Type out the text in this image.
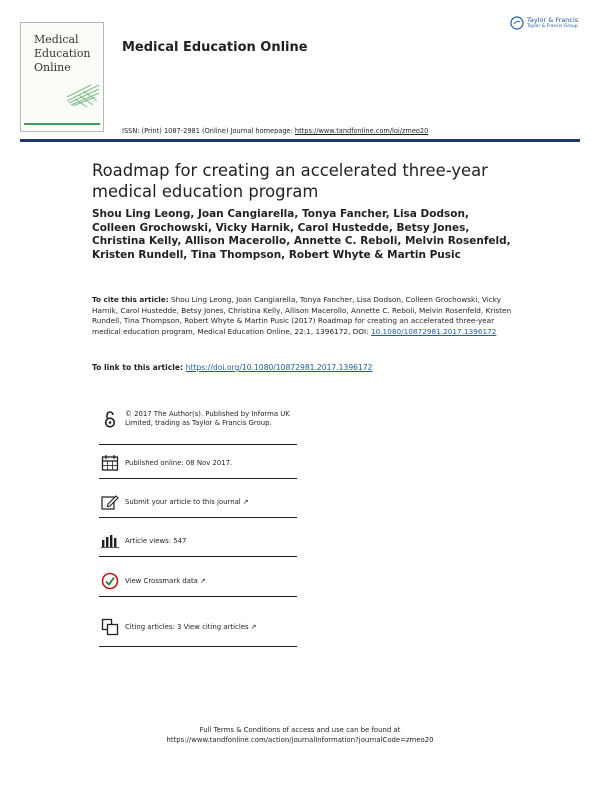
Medical
Education
Online
Medical Education Online
Taylor & Francis
Taylor & Francis Group
ISSN: (Print) 1087-2981 (Online) Journal homepage: https://www.tandfonline.com/loi/zmeo20
Roadmap for creating an accelerated three-year medical education program
Shou Ling Leong, Joan Cangiarella, Tonya Fancher, Lisa Dodson, Colleen Grochowski, Vicky Harnik, Carol Hustedde, Betsy Jones, Christina Kelly, Allison Macerollo, Annette C. Reboli, Melvin Rosenfeld, Kristen Rundell, Tina Thompson, Robert Whyte & Martin Pusic
To cite this article: Shou Ling Leong, Joan Cangiarella, Tonya Fancher, Lisa Dodson, Colleen Grochowski, Vicky Harnik, Carol Hustedde, Betsy Jones, Christina Kelly, Allison Macerollo, Annette C. Reboli, Melvin Rosenfeld, Kristen Rundell, Tina Thompson, Robert Whyte & Martin Pusic (2017) Roadmap for creating an accelerated three-year medical education program, Medical Education Online, 22:1, 1396172, DOI: 10.1080/10872981.2017.1396172
To link to this article: https://doi.org/10.1080/10872981.2017.1396172
© 2017 The Author(s). Published by Informa UK Limited, trading as Taylor & Francis Group.
Published online: 08 Nov 2017.
Submit your article to this journal ↗
Article views: 547
View Crossmark data ↗
Citing articles: 3 View citing articles ↗
Full Terms & Conditions of access and use can be found at
https://www.tandfonline.com/action/journalInformation?journalCode=zmeo20
